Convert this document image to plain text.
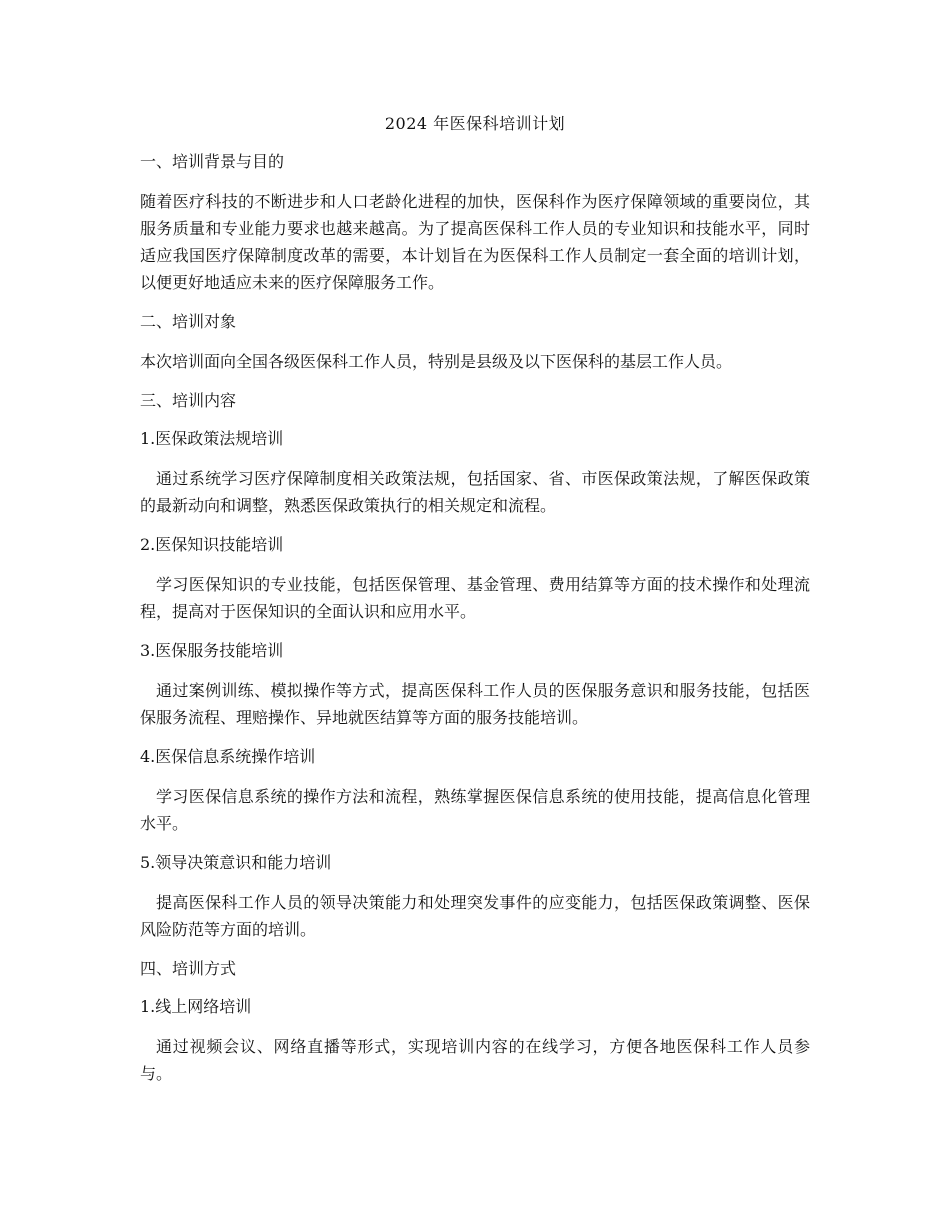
2024 年医保科培训计划
一、培训背景与目的
随着医疗科技的不断进步和人口老龄化进程的加快，医保科作为医疗保障领域的重要岗位，其服务质量和专业能力要求也越来越高。为了提高医保科工作人员的专业知识和技能水平，同时适应我国医疗保障制度改革的需要，本计划旨在为医保科工作人员制定一套全面的培训计划，以便更好地适应未来的医疗保障服务工作。
二、培训对象
本次培训面向全国各级医保科工作人员，特别是县级及以下医保科的基层工作人员。
三、培训内容
1.医保政策法规培训
通过系统学习医疗保障制度相关政策法规，包括国家、省、市医保政策法规，了解医保政策的最新动向和调整，熟悉医保政策执行的相关规定和流程。
2.医保知识技能培训
学习医保知识的专业技能，包括医保管理、基金管理、费用结算等方面的技术操作和处理流程，提高对于医保知识的全面认识和应用水平。
3.医保服务技能培训
通过案例训练、模拟操作等方式，提高医保科工作人员的医保服务意识和服务技能，包括医保服务流程、理赔操作、异地就医结算等方面的服务技能培训。
4.医保信息系统操作培训
学习医保信息系统的操作方法和流程，熟练掌握医保信息系统的使用技能，提高信息化管理水平。
5.领导决策意识和能力培训
提高医保科工作人员的领导决策能力和处理突发事件的应变能力，包括医保政策调整、医保风险防范等方面的培训。
四、培训方式
1.线上网络培训
通过视频会议、网络直播等形式，实现培训内容的在线学习，方便各地医保科工作人员参与。
